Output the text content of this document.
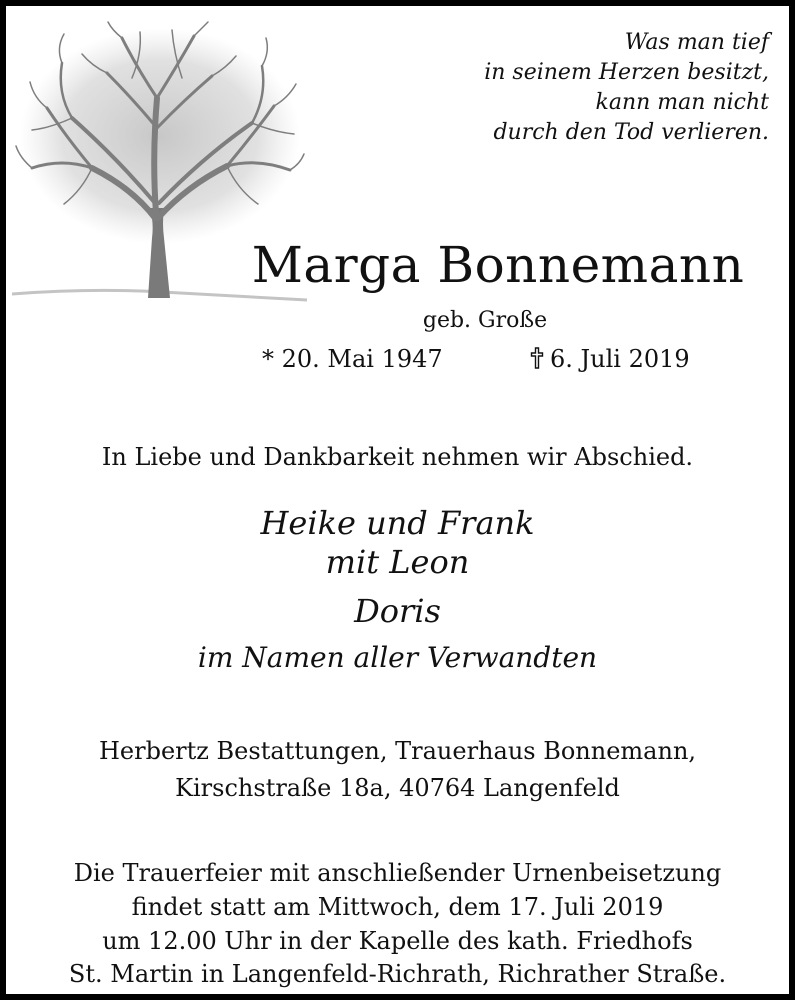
Was man tief
in seinem Herzen besitzt,
kann man nicht
durch den Tod verlieren.
Marga Bonnemann
geb. Große
* 20. Mai 1947	6. Juli 2019
In Liebe und Dankbarkeit nehmen wir Abschied.
Heike und Frank
mit Leon
Doris
im Namen aller Verwandten
Herbertz Bestattungen, Trauerhaus Bonnemann,
Kirschstraße 18a, 40764 Langenfeld
Die Trauerfeier mit anschließender Urnenbeisetzung
findet statt am Mittwoch, dem 17. Juli 2019
um 12.00 Uhr in der Kapelle des kath. Friedhofs
St. Martin in Langenfeld-Richrath, Richrather Straße.
